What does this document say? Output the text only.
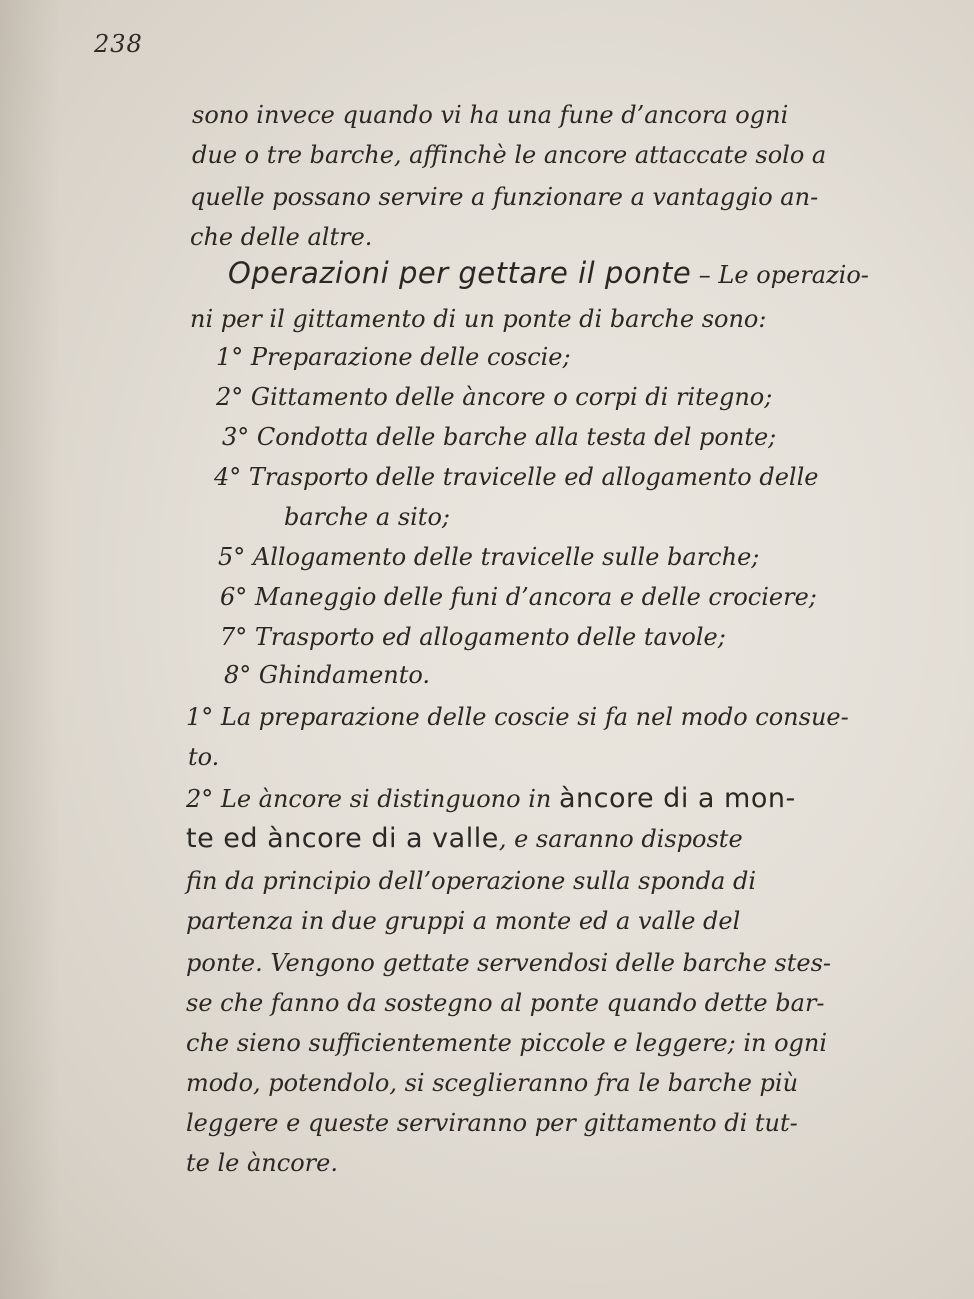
238
sono invece quando vi ha una fune d’ancora ogni
due o tre barche, affinchè le ancore attaccate solo a
quelle possano servire a funzionare a vantaggio an-
che delle altre.
Operazioni per gettare il ponte – Le operazio-
ni per il gittamento di un ponte di barche sono:
1° Preparazione delle coscie;
2° Gittamento delle àncore o corpi di ritegno;
3° Condotta delle barche alla testa del ponte;
4° Trasporto delle travicelle ed allogamento delle
barche a sito;
5° Allogamento delle travicelle sulle barche;
6° Maneggio delle funi d’ancora e delle crociere;
7° Trasporto ed allogamento delle tavole;
8° Ghindamento.
1° La preparazione delle coscie si fa nel modo consue-
to.
2° Le àncore si distinguono in àncore di a mon-
te ed àncore di a valle, e saranno disposte
fin da principio dell’operazione sulla sponda di
partenza in due gruppi a monte ed a valle del
ponte. Vengono gettate servendosi delle barche stes-
se che fanno da sostegno al ponte quando dette bar-
che sieno sufficientemente piccole e leggere; in ogni
modo, potendolo, si sceglieranno fra le barche più
leggere e queste serviranno per gittamento di tut-
te le àncore.
